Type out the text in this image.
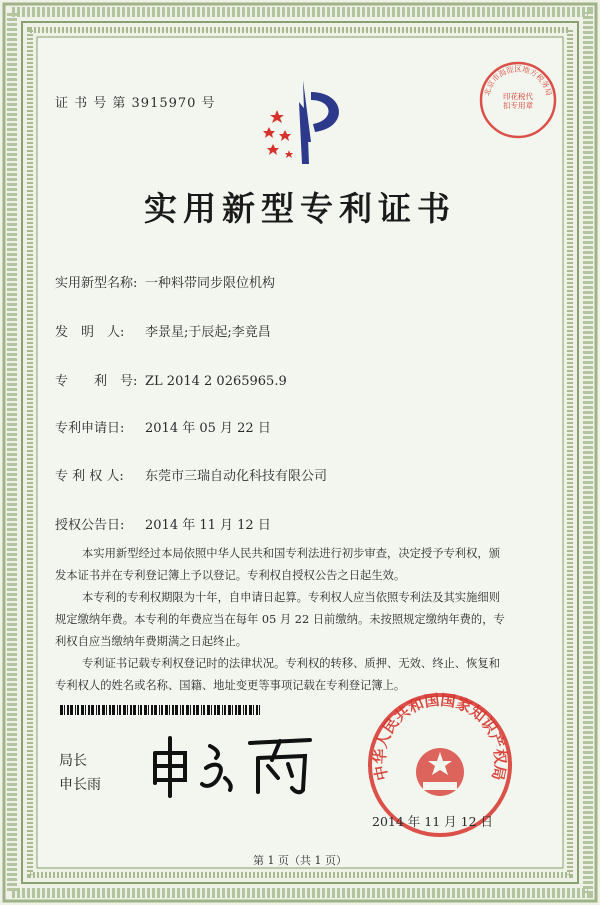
证 书 号 第 3915970 号
实用新型专利证书
实用新型名称: 一种料带同步限位机构
发　明　人: 李景星;于辰起;李竟昌
专　　利　号: ZL 2014 2 0265965.9
专利申请日: 2014 年 05 月 22 日
专 利 权 人: 东莞市三瑞自动化科技有限公司
授权公告日: 2014 年 11 月 12 日
本实用新型经过本局依照中华人民共和国专利法进行初步审查，决定授予专利权，颁
发本证书并在专利登记簿上予以登记。专利权自授权公告之日起生效。
本专利的专利权期限为十年，自申请日起算。专利权人应当依照专利法及其实施细则
规定缴纳年费。本专利的年费应当在每年 05 月 22 日前缴纳。未按照规定缴纳年费的，专
利权自应当缴纳年费期满之日起终止。
专利证书记载专利权登记时的法律状况。专利权的转移、质押、无效、终止、恢复和
专利权人的姓名或名称、国籍、地址变更等事项记载在专利登记簿上。
局长
申长雨
中华人民共和国国家知识产权局
2014 年 11 月 12 日
北京市海淀区地方税务局
印花税代扣专用章
第 1 页（共 1 页）
